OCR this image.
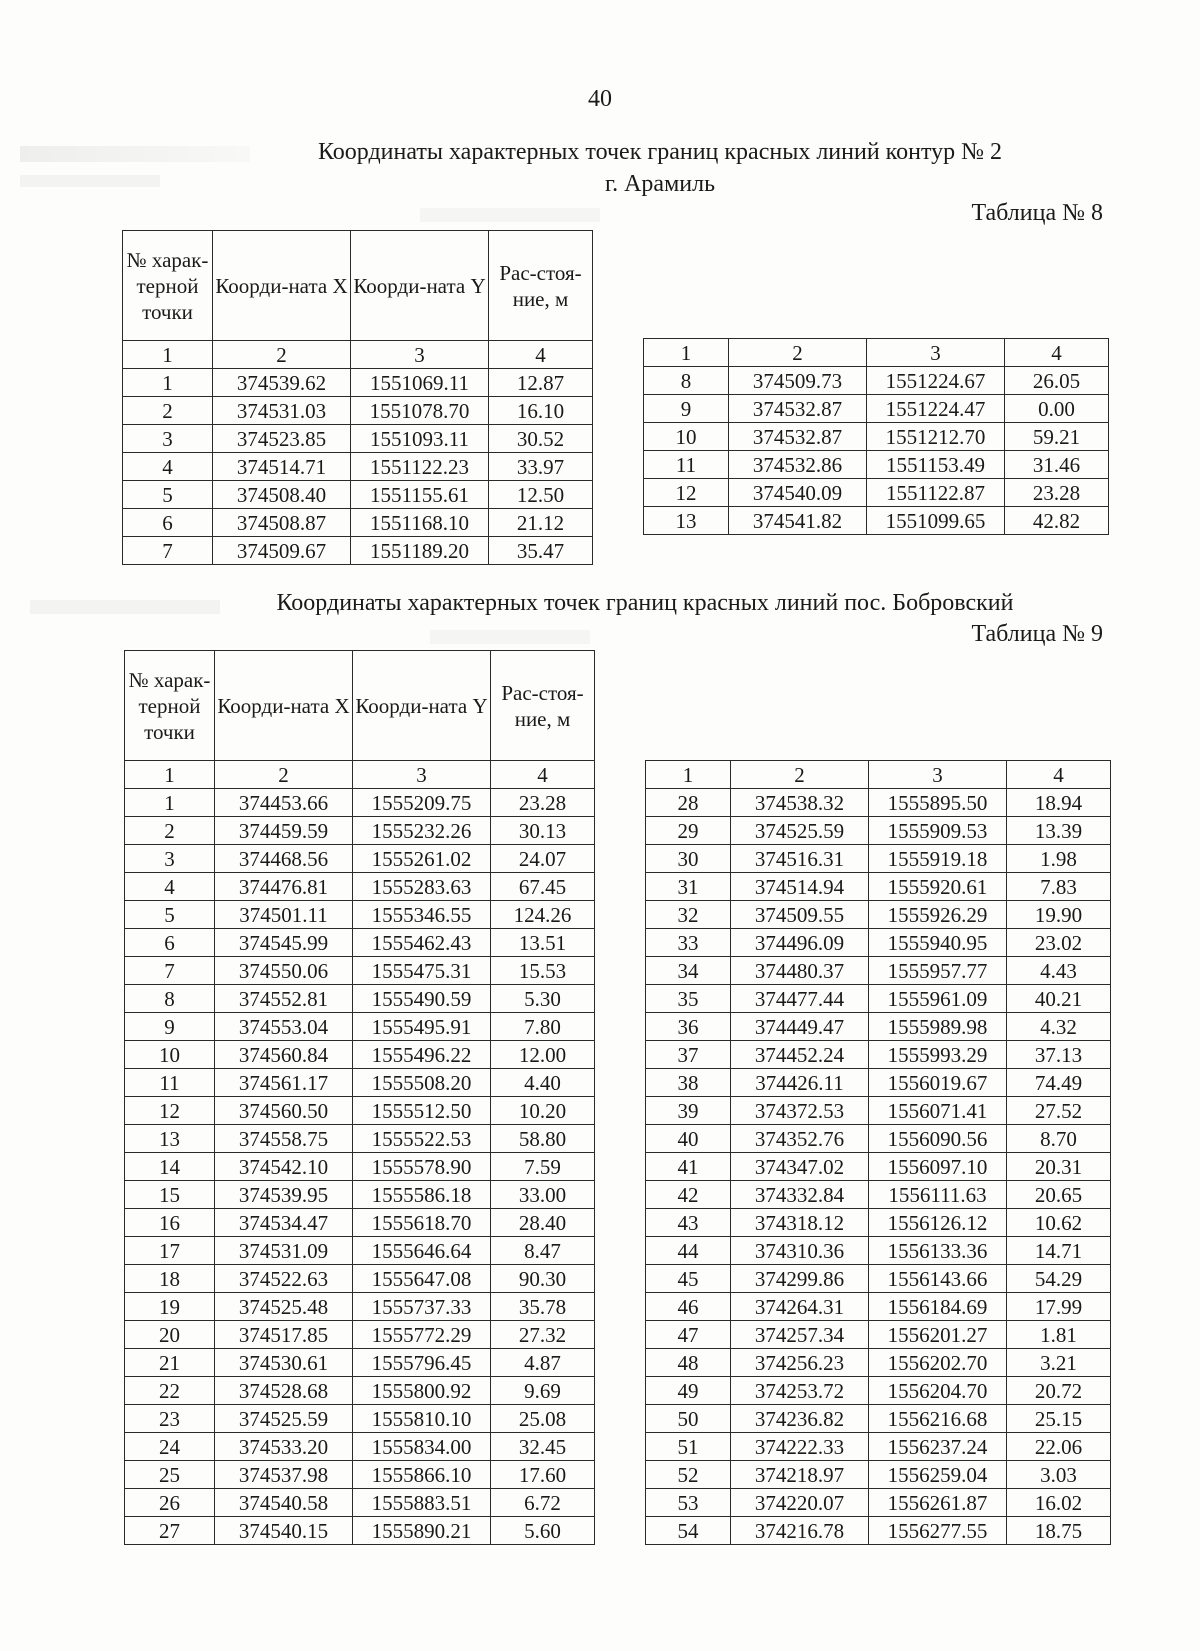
40
Координаты характерных точек границ красных линий контур № 2
г. Арамиль
Таблица № 8
№ харак-терной точки	Коорди-ната X	Коорди-ната Y	Рас-стоя-ние, м
1	2	3	4
1	374539.62	1551069.11	12.87
2	374531.03	1551078.70	16.10
3	374523.85	1551093.11	30.52
4	374514.71	1551122.23	33.97
5	374508.40	1551155.61	12.50
6	374508.87	1551168.10	21.12
7	374509.67	1551189.20	35.47
1	2	3	4
8	374509.73	1551224.67	26.05
9	374532.87	1551224.47	0.00
10	374532.87	1551212.70	59.21
11	374532.86	1551153.49	31.46
12	374540.09	1551122.87	23.28
13	374541.82	1551099.65	42.82
Координаты характерных точек границ красных линий пос. Бобровский
Таблица № 9
№ харак-терной точки	Коорди-ната X	Коорди-ната Y	Рас-стоя-ние, м
1	2	3	4
1	374453.66	1555209.75	23.28
2	374459.59	1555232.26	30.13
3	374468.56	1555261.02	24.07
4	374476.81	1555283.63	67.45
5	374501.11	1555346.55	124.26
6	374545.99	1555462.43	13.51
7	374550.06	1555475.31	15.53
8	374552.81	1555490.59	5.30
9	374553.04	1555495.91	7.80
10	374560.84	1555496.22	12.00
11	374561.17	1555508.20	4.40
12	374560.50	1555512.50	10.20
13	374558.75	1555522.53	58.80
14	374542.10	1555578.90	7.59
15	374539.95	1555586.18	33.00
16	374534.47	1555618.70	28.40
17	374531.09	1555646.64	8.47
18	374522.63	1555647.08	90.30
19	374525.48	1555737.33	35.78
20	374517.85	1555772.29	27.32
21	374530.61	1555796.45	4.87
22	374528.68	1555800.92	9.69
23	374525.59	1555810.10	25.08
24	374533.20	1555834.00	32.45
25	374537.98	1555866.10	17.60
26	374540.58	1555883.51	6.72
27	374540.15	1555890.21	5.60
1	2	3	4
28	374538.32	1555895.50	18.94
29	374525.59	1555909.53	13.39
30	374516.31	1555919.18	1.98
31	374514.94	1555920.61	7.83
32	374509.55	1555926.29	19.90
33	374496.09	1555940.95	23.02
34	374480.37	1555957.77	4.43
35	374477.44	1555961.09	40.21
36	374449.47	1555989.98	4.32
37	374452.24	1555993.29	37.13
38	374426.11	1556019.67	74.49
39	374372.53	1556071.41	27.52
40	374352.76	1556090.56	8.70
41	374347.02	1556097.10	20.31
42	374332.84	1556111.63	20.65
43	374318.12	1556126.12	10.62
44	374310.36	1556133.36	14.71
45	374299.86	1556143.66	54.29
46	374264.31	1556184.69	17.99
47	374257.34	1556201.27	1.81
48	374256.23	1556202.70	3.21
49	374253.72	1556204.70	20.72
50	374236.82	1556216.68	25.15
51	374222.33	1556237.24	22.06
52	374218.97	1556259.04	3.03
53	374220.07	1556261.87	16.02
54	374216.78	1556277.55	18.75
